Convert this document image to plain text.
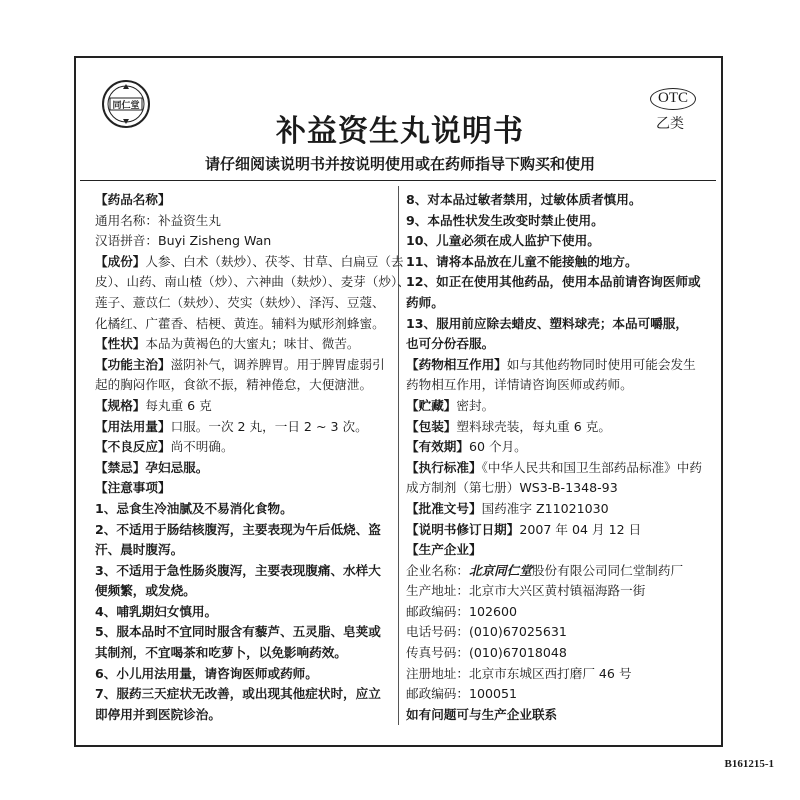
同仁堂	OTC
乙类
补益资生丸说明书
请仔细阅读说明书并按说明使用或在药师指导下购买和使用

【药品名称】

通用名称：补益资生丸

汉语拼音：Buyi Zisheng Wan

【成份】人参、白术（麸炒）、茯苓、甘草、白扁豆（去

皮）、山药、南山楂（炒）、六神曲（麸炒）、麦芽（炒）、

莲子、薏苡仁（麸炒）、芡实（麸炒）、泽泻、豆蔻、

化橘红、广藿香、桔梗、黄连。辅料为赋形剂蜂蜜。

【性状】本品为黄褐色的大蜜丸；味甘、微苦。

【功能主治】滋阴补气，调养脾胃。用于脾胃虚弱引

起的胸闷作呕，食欲不振，精神倦怠，大便溏泄。

【规格】每丸重 6 克

【用法用量】口服。一次 2 丸，一日 2 ~ 3 次。

【不良反应】尚不明确。

【禁忌】孕妇忌服。

【注意事项】

1、忌食生冷油腻及不易消化食物。

2、不适用于肠结核腹泻，主要表现为午后低烧、盗

汗、晨时腹泻。

3、不适用于急性肠炎腹泻，主要表现腹痛、水样大

便频繁，或发烧。

4、哺乳期妇女慎用。

5、服本品时不宜同时服含有藜芦、五灵脂、皂荚或

其制剂，不宜喝茶和吃萝卜，以免影响药效。

6、小儿用法用量，请咨询医师或药师。

7、服药三天症状无改善，或出现其他症状时，应立

即停用并到医院诊治。

8、对本品过敏者禁用，过敏体质者慎用。

9、本品性状发生改变时禁止使用。

10、儿童必须在成人监护下使用。

11、请将本品放在儿童不能接触的地方。

12、如正在使用其他药品，使用本品前请咨询医师或

药师。

13、服用前应除去蜡皮、塑料球壳；本品可嚼服，

也可分份吞服。

【药物相互作用】如与其他药物同时使用可能会发生

药物相互作用，详情请咨询医师或药师。

【贮藏】密封。

【包装】塑料球壳装，每丸重 6 克。

【有效期】60 个月。

【执行标准】《中华人民共和国卫生部药品标准》中药

成方制剂（第七册）WS3-B-1348-93

【批准文号】国药准字 Z11021030

【说明书修订日期】2007 年 04 月 12 日

【生产企业】

企业名称：北京同仁堂股份有限公司同仁堂制药厂

生产地址：北京市大兴区黄村镇福海路一街

邮政编码：102600

电话号码：(010)67025631

传真号码：(010)67018048

注册地址：北京市东城区西打磨厂 46 号

邮政编码：100051

如有问题可与生产企业联系

B161215-1
